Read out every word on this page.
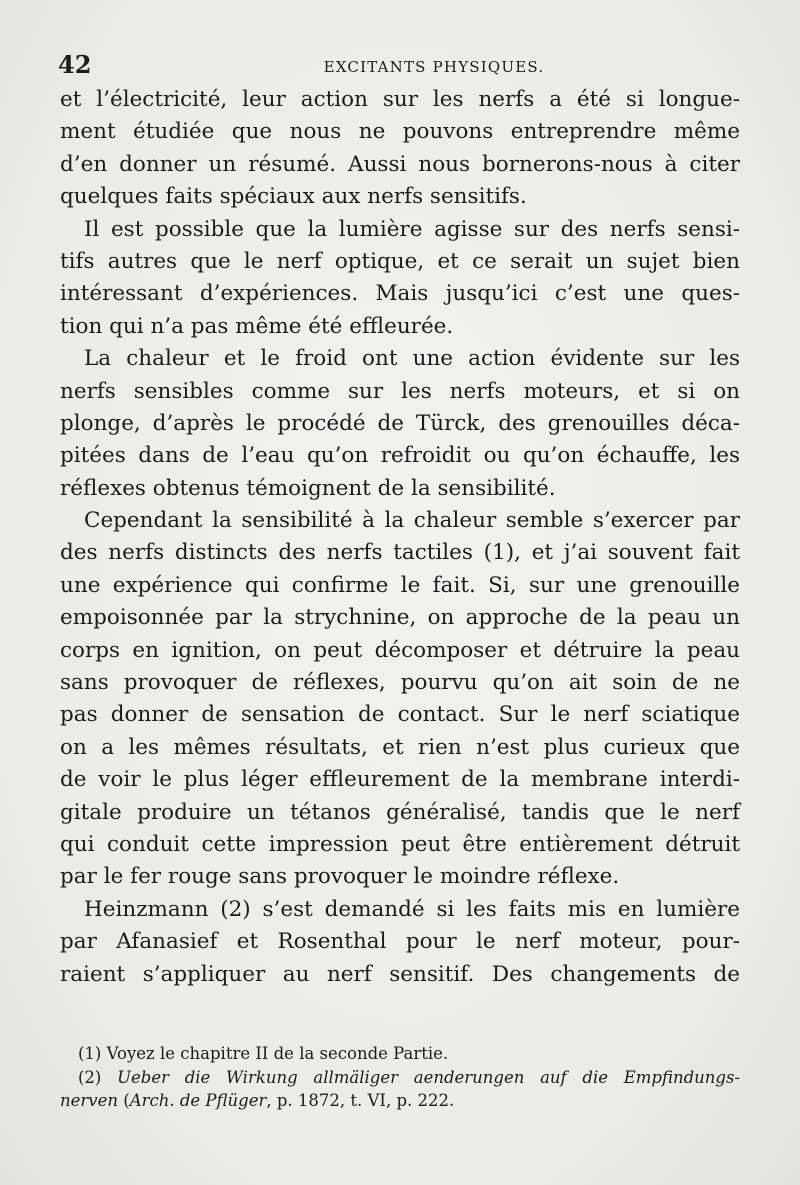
42	EXCITANTS PHYSIQUES.

et l’électricité, leur action sur les nerfs a été si longue-
ment étudiée que nous ne pouvons entreprendre même
d’en donner un résumé. Aussi nous bornerons-nous à citer
quelques faits spéciaux aux nerfs sensitifs.

Il est possible que la lumière agisse sur des nerfs sensi-
tifs autres que le nerf optique, et ce serait un sujet bien
intéressant d’expériences. Mais jusqu’ici c’est une ques-
tion qui n’a pas même été effleurée.

La chaleur et le froid ont une action évidente sur les
nerfs sensibles comme sur les nerfs moteurs, et si on
plonge, d’après le procédé de Türck, des grenouilles déca-
pitées dans de l’eau qu’on refroidit ou qu’on échauffe, les
réflexes obtenus témoignent de la sensibilité.

Cependant la sensibilité à la chaleur semble s’exercer par
des nerfs distincts des nerfs tactiles (1), et j’ai souvent fait
une expérience qui confirme le fait. Si, sur une grenouille
empoisonnée par la strychnine, on approche de la peau un
corps en ignition, on peut décomposer et détruire la peau
sans provoquer de réflexes, pourvu qu’on ait soin de ne
pas donner de sensation de contact. Sur le nerf sciatique
on a les mêmes résultats, et rien n’est plus curieux que
de voir le plus léger effleurement de la membrane interdi-
gitale produire un tétanos généralisé, tandis que le nerf
qui conduit cette impression peut être entièrement détruit
par le fer rouge sans provoquer le moindre réflexe.

Heinzmann (2) s’est demandé si les faits mis en lumière
par Afanasief et Rosenthal pour le nerf moteur, pour-
raient s’appliquer au nerf sensitif. Des changements de

(1) Voyez le chapitre II de la seconde Partie.
(2) Ueber die Wirkung allmäliger aenderungen auf die Empfindungs-
nerven (Arch. de Pflüger, p. 1872, t. VI, p. 222.
